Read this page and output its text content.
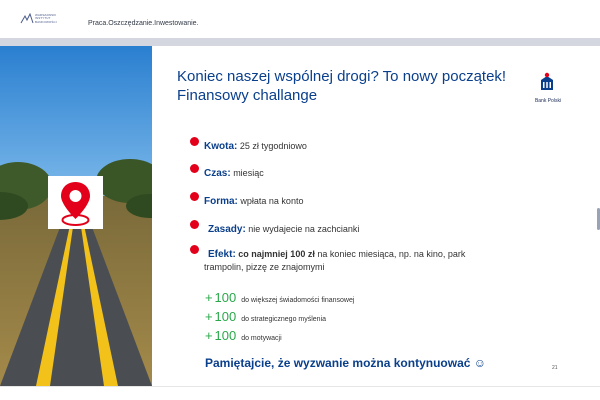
WARSZAWSKI INSTYTUT BANKOWOŚCI	Praca.Oszczędzanie.Inwestowanie.
Koniec naszej wspólnej drogi? To nowy początek!
Finansowy challange	Bank Polski
Kwota: 25 zł tygodniowo
Czas: miesiąc
Forma: wpłata na konto
Zasady: nie wydajecie na zachcianki
Efekt: co najmniej 100 zł na koniec miesiąca, np. na kino, park
trampolin, pizzę ze znajomymi
+ 100 do większej świadomości finansowej
+ 100 do strategicznego myślenia
+ 100 do motywacji
Pamiętajcie, że wyzwanie można kontynuować ☺	21
